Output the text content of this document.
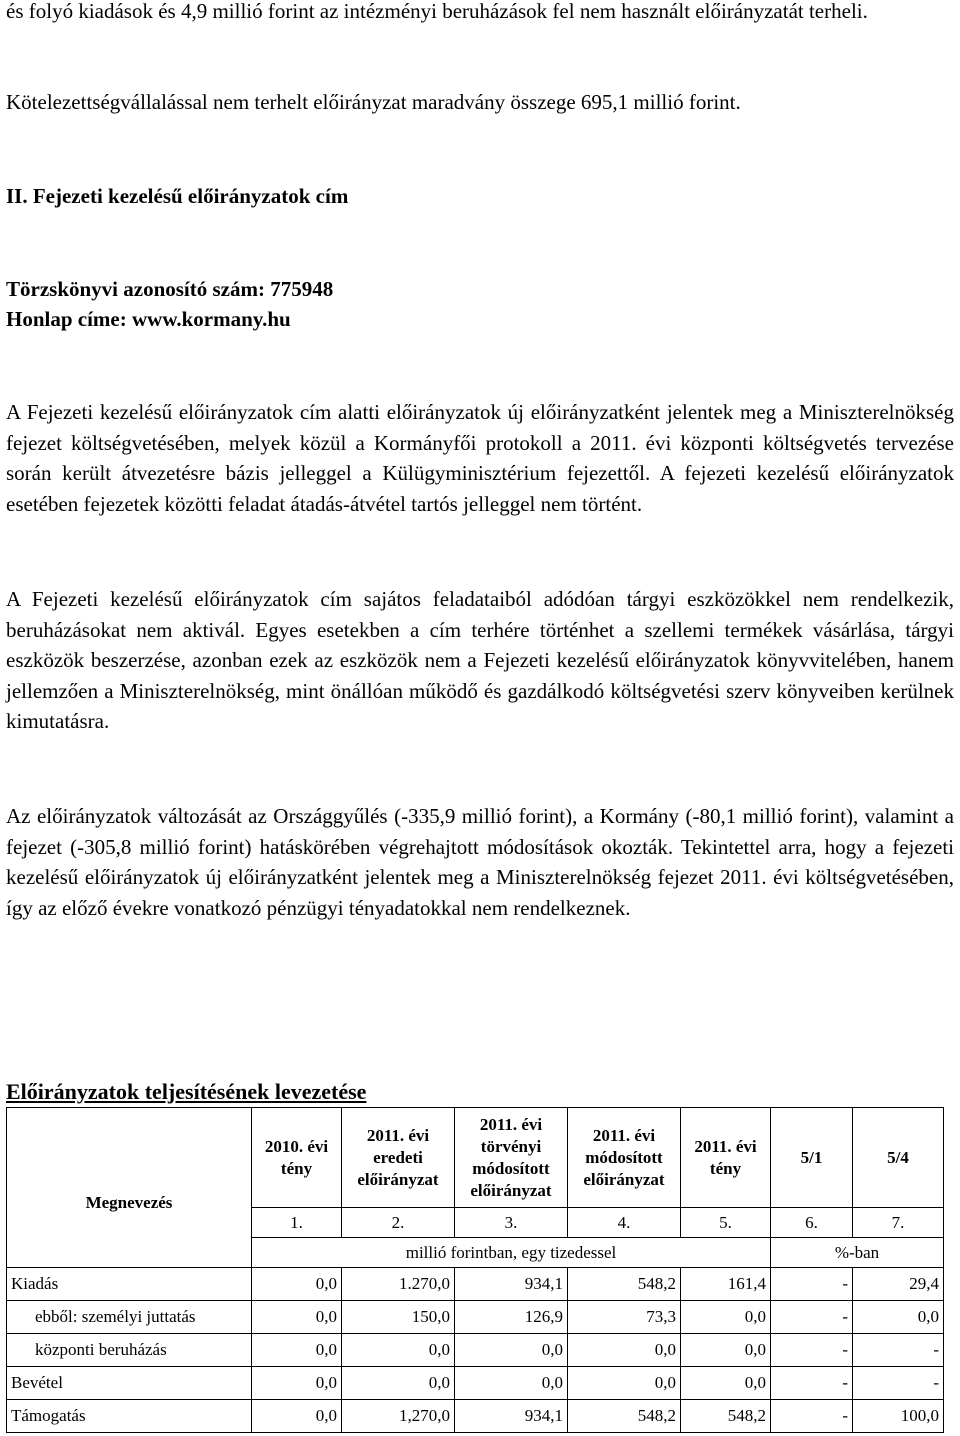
és folyó kiadások és 4,9 millió forint az intézményi beruházások fel nem használt előirányzatát terheli.

Kötelezettségvállalással nem terhelt előirányzat maradvány összege 695,1 millió forint.

II. Fejezeti kezelésű előirányzatok cím

Törzskönyvi azonosító szám: 775948

Honlap címe: www.kormany.hu

A Fejezeti kezelésű előirányzatok cím alatti előirányzatok új előirányzatként jelentek meg a Miniszterelnökség fejezet költségvetésében, melyek közül a Kormányfői protokoll a 2011. évi központi költségvetés tervezése során került átvezetésre bázis jelleggel a Külügyminisztérium fejezettől. A fejezeti kezelésű előirányzatok esetében fejezetek közötti feladat átadás-átvétel tartós jelleggel nem történt.

A Fejezeti kezelésű előirányzatok cím sajátos feladataiból adódóan tárgyi eszközökkel nem rendelkezik, beruházásokat nem aktivál. Egyes esetekben a cím terhére történhet a szellemi termékek vásárlása, tárgyi eszközök beszerzése, azonban ezek az eszközök nem a Fejezeti kezelésű előirányzatok könyvvitelében, hanem jellemzően a Miniszterelnökség, mint önállóan működő és gazdálkodó költségvetési szerv könyveiben kerülnek kimutatásra.

Az előirányzatok változását az Országgyűlés (-335,9 millió forint), a Kormány (-80,1 millió forint), valamint a fejezet (-305,8 millió forint) hatáskörében végrehajtott módosítások okozták. Tekintettel arra, hogy a fejezeti kezelésű előirányzatok új előirányzatként jelentek meg a Miniszterelnökség fejezet 2011. évi költségvetésében, így az előző évekre vonatkozó pénzügyi tényadatokkal nem rendelkeznek.

Előirányzatok teljesítésének levezetése

Megnevezés	2010. évi tény	2011. évi eredeti előirányzat	2011. évi törvényi módosított előirányzat	2011. évi módosított előirányzat	2011. évi tény	5/1	5/4
	1.	2.	3.	4.	5.	6.	7.
	millió forintban, egy tizedessel					%-ban	
Kiadás	0,0	1.270,0	934,1	548,2	161,4	-	29,4
ebből: személyi juttatás	0,0	150,0	126,9	73,3	0,0	-	0,0
központi beruházás	0,0	0,0	0,0	0,0	0,0	-	-
Bevétel	0,0	0,0	0,0	0,0	0,0	-	-
Támogatás	0,0	1,270,0	934,1	548,2	548,2	-	100,0
